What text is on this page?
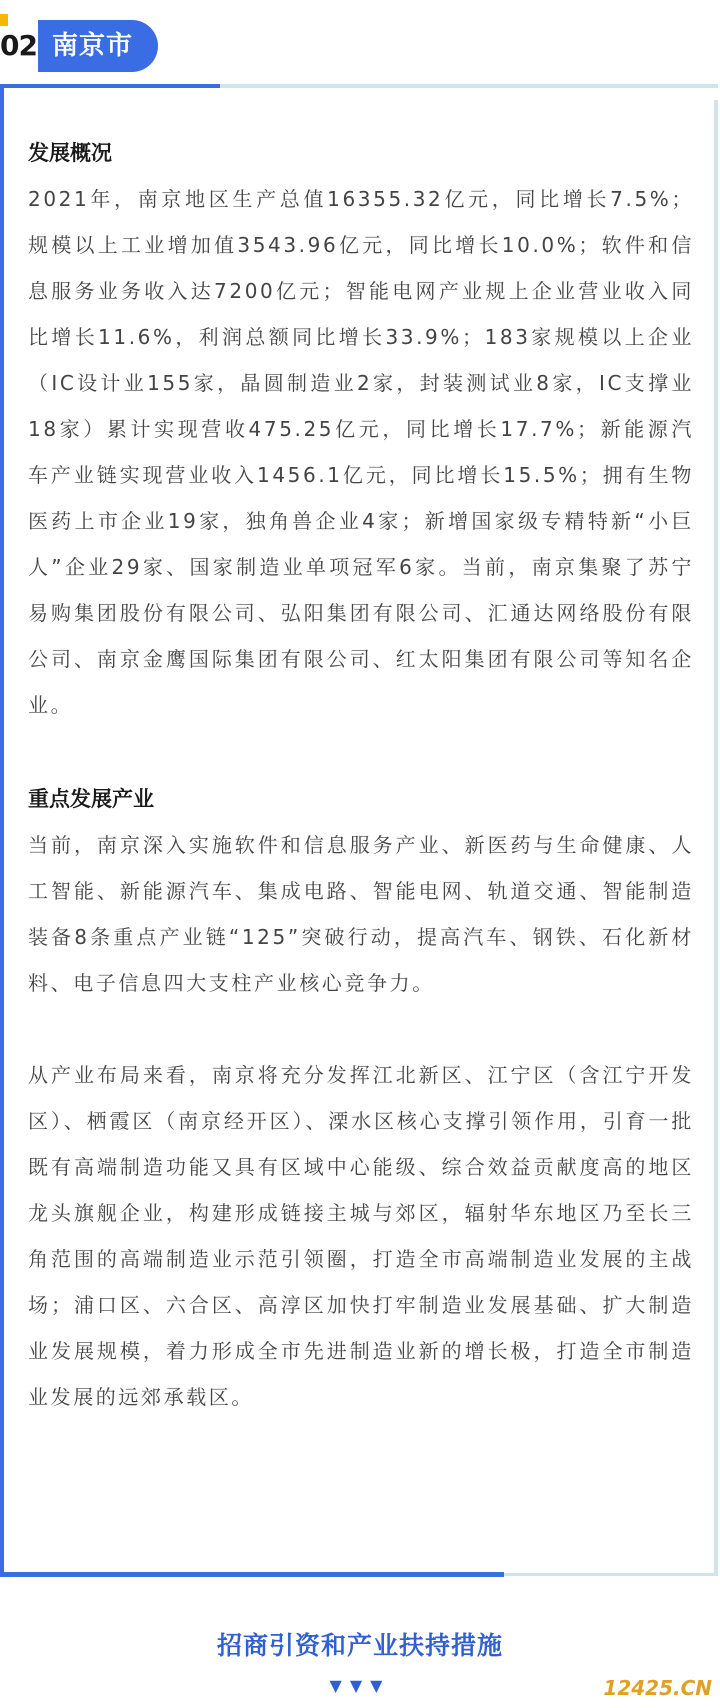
02 南京市
发展概况

2021年，南京地区生产总值16355.32亿元，同比增长7.5%；规模以上工业增加值3543.96亿元，同比增长10.0%；软件和信息服务业务收入达7200亿元；智能电网产业规上企业营业收入同比增长11.6%，利润总额同比增长33.9%；183家规模以上企业（IC设计业155家，晶圆制造业2家，封装测试业8家，IC支撑业18家）累计实现营收475.25亿元，同比增长17.7%；新能源汽车产业链实现营业收入1456.1亿元，同比增长15.5%；拥有生物医药上市企业19家，独角兽企业4家；新增国家级专精特新“小巨人”企业29家、国家制造业单项冠军6家。当前，南京集聚了苏宁易购集团股份有限公司、弘阳集团有限公司、汇通达网络股份有限公司、南京金鹰国际集团有限公司、红太阳集团有限公司等知名企业。

重点发展产业

当前，南京深入实施软件和信息服务产业、新医药与生命健康、人工智能、新能源汽车、集成电路、智能电网、轨道交通、智能制造装备8条重点产业链“125”突破行动，提高汽车、钢铁、石化新材料、电子信息四大支柱产业核心竞争力。

从产业布局来看，南京将充分发挥江北新区、江宁区（含江宁开发区）、栖霞区（南京经开区）、溧水区核心支撑引领作用，引育一批既有高端制造功能又具有区域中心能级、综合效益贡献度高的地区龙头旗舰企业，构建形成链接主城与郊区，辐射华东地区乃至长三角范围的高端制造业示范引领圈，打造全市高端制造业发展的主战场；浦口区、六合区、高淳区加快打牢制造业发展基础、扩大制造业发展规模，着力形成全市先进制造业新的增长极，打造全市制造业发展的远郊承载区。

招商引资和产业扶持措施
▼▼▼	12425.CN
